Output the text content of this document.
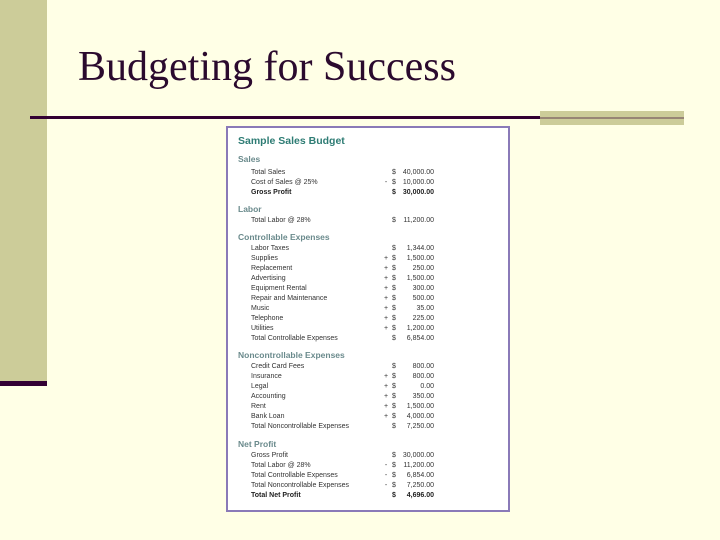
Budgeting for Success
Sample Sales Budget
Sales
Total Sales	$ 40,000.00
Cost of Sales @ 25%	- $ 10,000.00
Gross Profit	$ 30,000.00
Labor
Total Labor @ 28%	$	11,200.00
Controllable Expenses
Labor Taxes	$	1,344.00
Supplies	+ $	1,500.00
Replacement	+ $	250.00
Advertising	+ $	1,500.00
Equipment Rental	+ $	300.00
Repair and Maintenance	+ $	500.00
Music	+ $	35.00
Telephone	+ $	225.00
Utilities	+ $	1,200.00
Total Controllable Expenses	$	6,854.00
Noncontrollable Expenses
Credit Card Fees	$	800.00
Insurance	+ $	800.00
Legal	+ $	0.00
Accounting	+ $	350.00
Rent	+ $	1,500.00
Bank Loan	+ $	4,000.00
Total Noncontrollable Expenses	$	7,250.00
Net Profit
Gross Profit	$ 30,000.00
Total Labor @ 28%	- $	11,200.00
Total Controllable Expenses	- $	6,854.00
Total Noncontrollable Expenses	- $	7,250.00
Total Net Profit	$	4,696.00
